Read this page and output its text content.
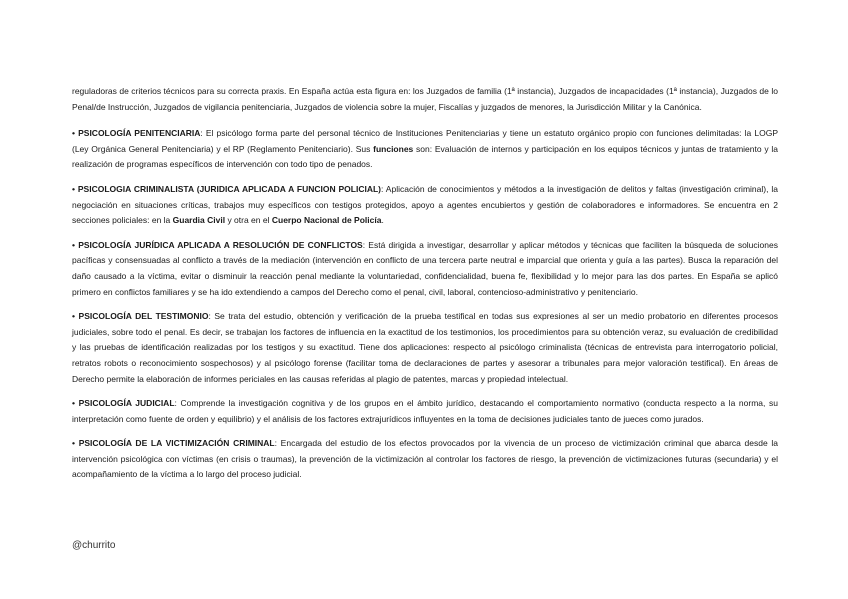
reguladoras de criterios técnicos para su correcta praxis. En España actúa esta figura en: los Juzgados de familia (1ª instancia), Juzgados de incapacidades (1ª instancia), Juzgados de lo Penal/de Instrucción, Juzgados de vigilancia penitenciaria, Juzgados de violencia sobre la mujer, Fiscalías y juzgados de menores, la Jurisdicción Militar y la Canónica.

• PSICOLOGÍA PENITENCIARIA: El psicólogo forma parte del personal técnico de Instituciones Penitenciarias y tiene un estatuto orgánico propio con funciones delimitadas: la LOGP (Ley Orgánica General Penitenciaria) y el RP (Reglamento Penitenciario). Sus funciones son: Evaluación de internos y participación en los equipos técnicos y juntas de tratamiento y la realización de programas específicos de intervención con todo tipo de penados.

• PSICOLOGIA CRIMINALISTA (JURIDICA APLICADA A FUNCION POLICIAL): Aplicación de conocimientos y métodos a la investigación de delitos y faltas (investigación criminal), la negociación en situaciones críticas, trabajos muy específicos con testigos protegidos, apoyo a agentes encubiertos y gestión de colaboradores e informadores. Se encuentra en 2 secciones policiales: en la Guardia Civil y otra en el Cuerpo Nacional de Policía.

• PSICOLOGÍA JURÍDICA APLICADA A RESOLUCIÓN DE CONFLICTOS: Está dirigida a investigar, desarrollar y aplicar métodos y técnicas que faciliten la búsqueda de soluciones pacíficas y consensuadas al conflicto a través de la mediación (intervención en conflicto de una tercera parte neutral e imparcial que orienta y guía a las partes). Busca la reparación del daño causado a la víctima, evitar o disminuir la reacción penal mediante la voluntariedad, confidencialidad, buena fe, flexibilidad y lo mejor para las dos partes. En España se aplicó primero en conflictos familiares y se ha ido extendiendo a campos del Derecho como el penal, civil, laboral, contencioso-administrativo y penitenciario.

• PSICOLOGÍA DEL TESTIMONIO: Se trata del estudio, obtención y verificación de la prueba testifical en todas sus expresiones al ser un medio probatorio en diferentes procesos judiciales, sobre todo el penal. Es decir, se trabajan los factores de influencia en la exactitud de los testimonios, los procedimientos para su obtención veraz, su evaluación de credibilidad y las pruebas de identificación realizadas por los testigos y su exactitud. Tiene dos aplicaciones: respecto al psicólogo criminalista (técnicas de entrevista para interrogatorio policial, retratos robots o reconocimiento sospechosos) y al psicólogo forense (facilitar toma de declaraciones de partes y asesorar a tribunales para mejor valoración testifical). En áreas de Derecho permite la elaboración de informes periciales en las causas referidas al plagio de patentes, marcas y propiedad intelectual.

• PSICOLOGÍA JUDICIAL: Comprende la investigación cognitiva y de los grupos en el ámbito jurídico, destacando el comportamiento normativo (conducta respecto a la norma, su interpretación como fuente de orden y equilibrio) y el análisis de los factores extrajurídicos influyentes en la toma de decisiones judiciales tanto de jueces como jurados.

• PSICOLOGÍA DE LA VICTIMIZACIÓN CRIMINAL: Encargada del estudio de los efectos provocados por la vivencia de un proceso de victimización criminal que abarca desde la intervención psicológica con víctimas (en crisis o traumas), la prevención de la victimización al controlar los factores de riesgo, la prevención de victimizaciones futuras (secundaria) y el acompañamiento de la víctima a lo largo del proceso judicial.

@churrito
